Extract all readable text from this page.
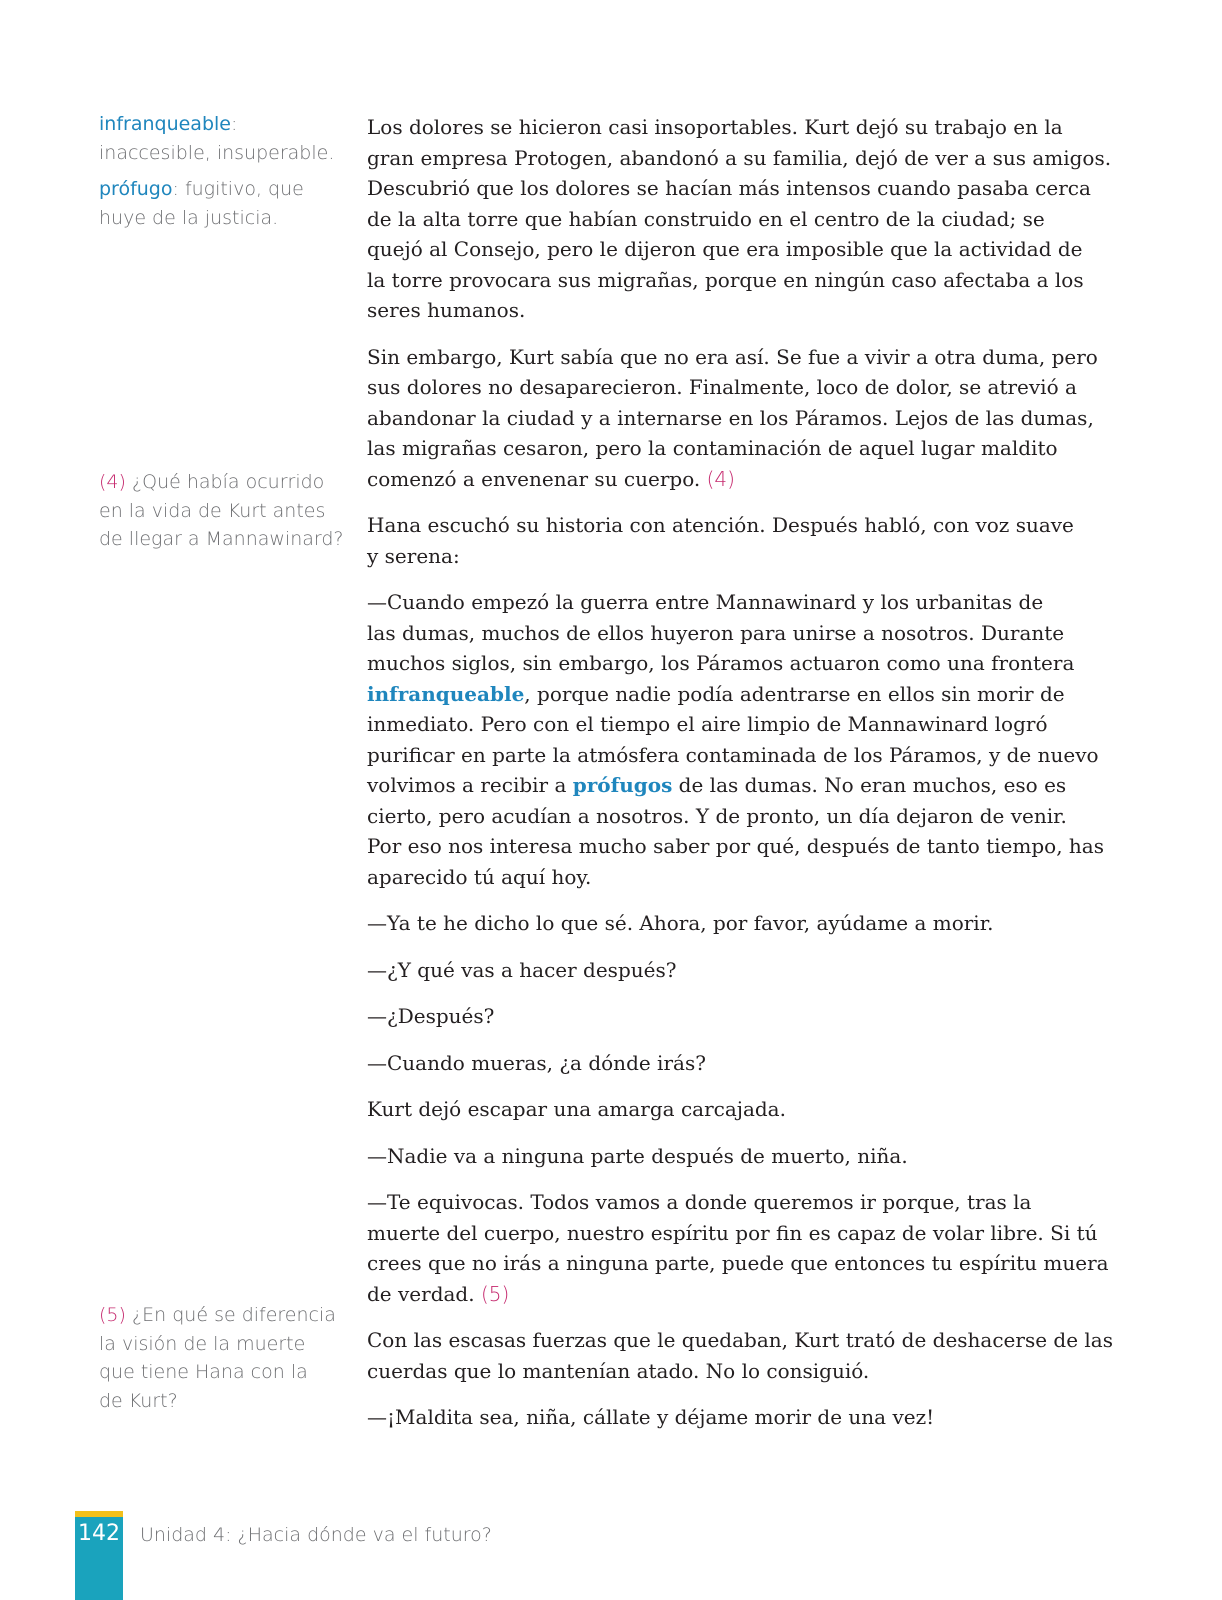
infranqueable:
inaccesible, insuperable.
prófugo: fugitivo, que
huye de la justicia.
(4) ¿Qué había ocurrido
en la vida de Kurt antes
de llegar a Mannawinard?
(5) ¿En qué se diferencia
la visión de la muerte
que tiene Hana con la
de Kurt?

Los dolores se hicieron casi insoportables. Kurt dejó su trabajo en la
gran empresa Protogen, abandonó a su familia, dejó de ver a sus amigos.
Descubrió que los dolores se hacían más intensos cuando pasaba cerca
de la alta torre que habían construido en el centro de la ciudad; se
quejó al Consejo, pero le dijeron que era imposible que la actividad de
la torre provocara sus migrañas, porque en ningún caso afectaba a los
seres humanos.

Sin embargo, Kurt sabía que no era así. Se fue a vivir a otra duma, pero
sus dolores no desaparecieron. Finalmente, loco de dolor, se atrevió a
abandonar la ciudad y a internarse en los Páramos. Lejos de las dumas,
las migrañas cesaron, pero la contaminación de aquel lugar maldito
comenzó a envenenar su cuerpo. (4)

Hana escuchó su historia con atención. Después habló, con voz suave
y serena:

—Cuando empezó la guerra entre Mannawinard y los urbanitas de
las dumas, muchos de ellos huyeron para unirse a nosotros. Durante
muchos siglos, sin embargo, los Páramos actuaron como una frontera
infranqueable, porque nadie podía adentrarse en ellos sin morir de
inmediato. Pero con el tiempo el aire limpio de Mannawinard logró
purificar en parte la atmósfera contaminada de los Páramos, y de nuevo
volvimos a recibir a prófugos de las dumas. No eran muchos, eso es
cierto, pero acudían a nosotros. Y de pronto, un día dejaron de venir.
Por eso nos interesa mucho saber por qué, después de tanto tiempo, has
aparecido tú aquí hoy.

—Ya te he dicho lo que sé. Ahora, por favor, ayúdame a morir.

—¿Y qué vas a hacer después?

—¿Después?

—Cuando mueras, ¿a dónde irás?

Kurt dejó escapar una amarga carcajada.

—Nadie va a ninguna parte después de muerto, niña.

—Te equivocas. Todos vamos a donde queremos ir porque, tras la
muerte del cuerpo, nuestro espíritu por fin es capaz de volar libre. Si tú
crees que no irás a ninguna parte, puede que entonces tu espíritu muera
de verdad. (5)

Con las escasas fuerzas que le quedaban, Kurt trató de deshacerse de las
cuerdas que lo mantenían atado. No lo consiguió.

—¡Maldita sea, niña, cállate y déjame morir de una vez!

142 Unidad 4: ¿Hacia dónde va el futuro?
